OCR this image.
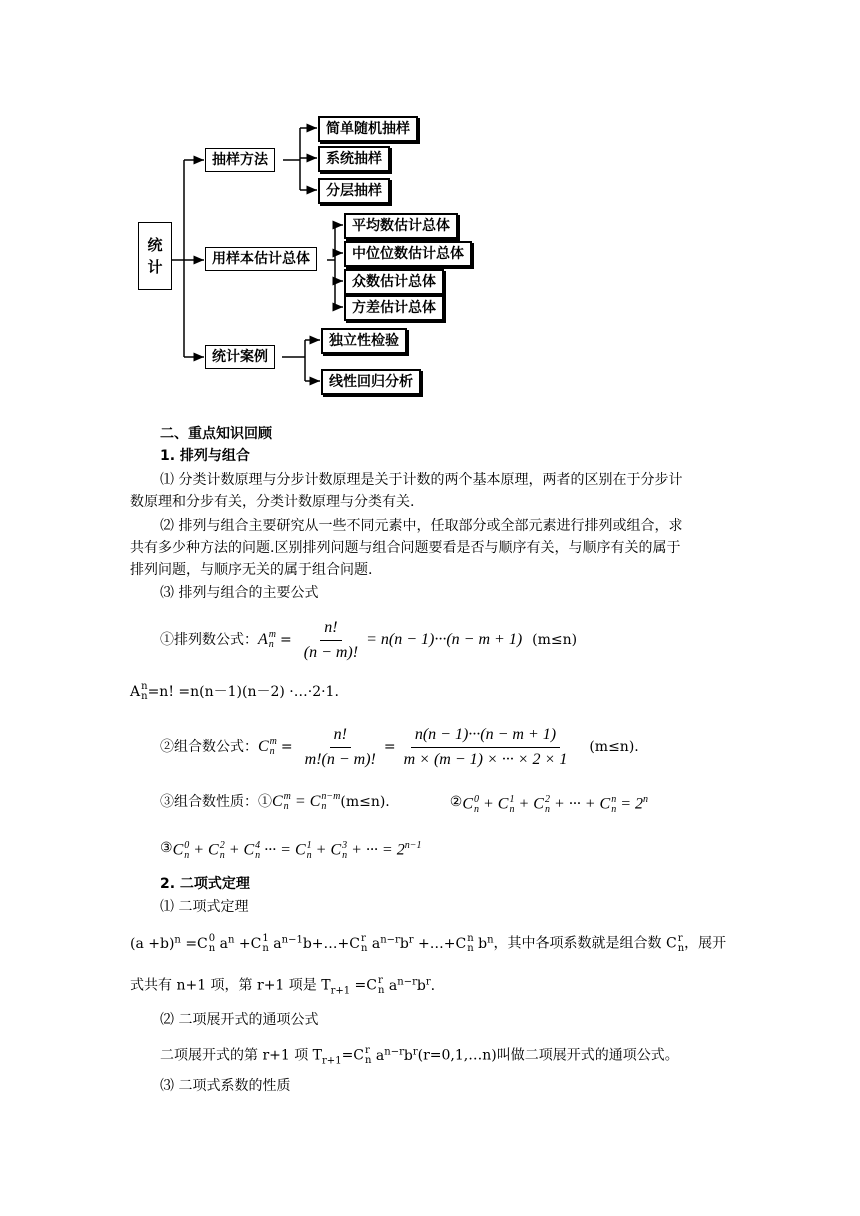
统
计
抽样方法
用样本估计总体
统计案例
简单随机抽样
系统抽样
分层抽样
平均数估计总体
中位位数估计总体
众数估计总体
方差估计总体
独立性检验
线性回归分析
二、重点知识回顾
1. 排列与组合
⑴ 分类计数原理与分步计数原理是关于计数的两个基本原理，两者的区别在于分步计
数原理和分步有关，分类计数原理与分类有关.
⑵ 排列与组合主要研究从一些不同元素中，任取部分或全部元素进行排列或组合，求
共有多少种方法的问题.区别排列问题与组合问题要看是否与顺序有关，与顺序有关的属于
排列问题，与顺序无关的属于组合问题.
⑶ 排列与组合的主要公式
①排列数公式： A m
$n = \frac{n!}{(n - m)!} = n(n - 1)\cdot\cdot\cdot(n - m + 1)$ (m≤n)
A n
n =n! =n(n－1)(n－2) ·…·2·1.
②组合数公式： C m
$n = \frac{n!}{m!(n - m)!} = \frac{n(n - 1)\cdot\cdot\cdot(n - m + 1)}{m \times (m - 1) \times \cdot\cdot\cdot \times 2 \times 1} (m\le n)$.
③组合数性质：① C m
n = C n−m
n (m≤n).	② C 0
n + C 1
n + C 2
n + ··· + C n
$n = 2^n$
③ C 0
n + C 2
n + C 4
n ··· = C 1
n + C 3
n + ··· = $2^{n-1}$
2. 二项式定理
⑴ 二项式定理
$(a +b)^n =C$ 0
n $a^n +C$ 1
n $a^{n-1}b+\dots+C$ r
n $a^{n-r}b^r$ +…+C n
n $b^n$，其中各项系数就是组合数 C r
n ，展开
式共有 n+1 项，第 r+1 项是 $T_{r+1} =C$ r
n $a^{n-r}b^r$.
⑵ 二项展开式的通项公式
二项展开式的第 r+1 项 $T_{r+1}=C$ r
n $a^{n-r}b^r(r=0,1,\dots n)$叫做二项展开式的通项公式。
⑶ 二项式系数的性质
